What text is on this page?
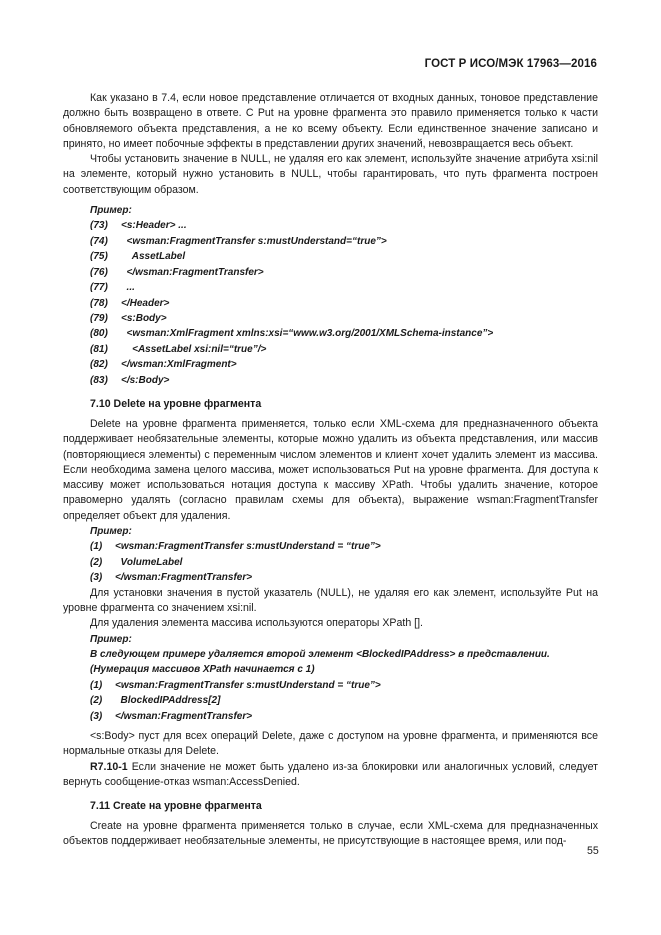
ГОСТ Р ИСО/МЭК 17963—2016

Как указано в 7.4, если новое представление отличается от входных данных, тоновое представление должно быть возвращено в ответе. С Put на уровне фрагмента это правило применяется только к части обновляемого объекта представления, а не ко всему объекту. Если единственное значение записано и принято, но имеет побочные эффекты в представлении других значений, невозвращается весь объект.

Чтобы установить значение в NULL, не удаляя его как элемент, используйте значение атрибута xsi:nil на элементе, который нужно установить в NULL, чтобы гарантировать, что путь фрагмента построен соответствующим образом.

Пример:
(73) <s:Header> ...
(74)  <wsman:FragmentTransfer s:mustUnderstand=“true”>
(75)    AssetLabel
(76)  </wsman:FragmentTransfer>
(77)  ...
(78) </Header>
(79) <s:Body>
(80)  <wsman:XmlFragment xmlns:xsi=“www.w3.org/2001/XMLSchema-instance”>
(81)    <AssetLabel xsi:nil=“true”/>
(82) </wsman:XmlFragment>
(83) </s:Body>
7.10 Delete на уровне фрагмента

Delete на уровне фрагмента применяется, только если XML-схема для предназначенного объекта поддерживает необязательные элементы, которые можно удалить из объекта представления, или массив (повторяющиеся элементы) с переменным числом элементов и клиент хочет удалить элемент из массива. Если необходима замена целого массива, может использоваться Put на уровне фрагмента. Для доступа к массиву может использоваться нотация доступа к массиву XPath. Чтобы удалить значение, которое правомерно удалять (согласно правилам схемы для объекта), выражение wsman:FragmentTransfer определяет объект для удаления.

Пример:
(1) <wsman:FragmentTransfer s:mustUnderstand = “true”>
(2)  VolumeLabel
(3) </wsman:FragmentTransfer>

Для установки значения в пустой указатель (NULL), не удаляя его как элемент, используйте Put на уровне фрагмента со значением xsi:nil.

Для удаления элемента массива используются операторы XPath [].

Пример:
В следующем примере удаляется второй элемент <BlockedIPAddress> в представлении.
(Нумерация массивов XPath начинается с 1)
(1) <wsman:FragmentTransfer s:mustUnderstand = “true”>
(2)  BlockedIPAddress[2]
(3) </wsman:FragmentTransfer>

<s:Body> пуст для всех операций Delete, даже с доступом на уровне фрагмента, и применяются все нормальные отказы для Delete.

R7.10-1 Если значение не может быть удалено из-за блокировки или аналогичных условий, следует вернуть сообщение-отказ wsman:AccessDenied.

7.11 Create на уровне фрагмента

Create на уровне фрагмента применяется только в случае, если XML-схема для предназначенных объектов поддерживает необязательные элементы, не присутствующие в настоящее время, или под-

55
